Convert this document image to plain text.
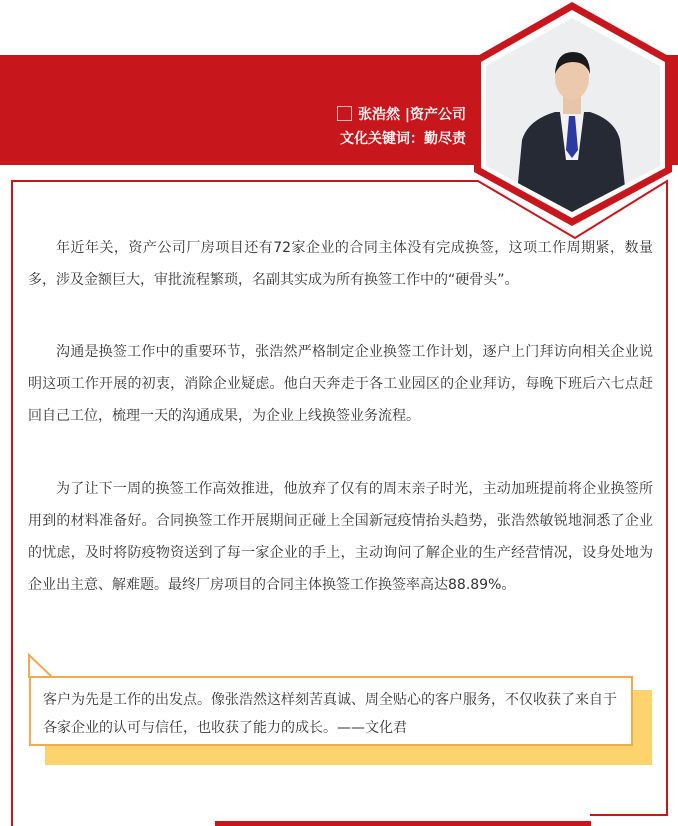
张浩然 |资产公司
文化关键词：勤尽责
年近年关，资产公司厂房项目还有72家企业的合同主体没有完成换签，这项工作周期紧，数量多，涉及金额巨大，审批流程繁琐，名副其实成为所有换签工作中的“硬骨头”。
沟通是换签工作中的重要环节，张浩然严格制定企业换签工作计划，逐户上门拜访向相关企业说明这项工作开展的初衷，消除企业疑虑。他白天奔走于各工业园区的企业拜访，每晚下班后六七点赶回自己工位，梳理一天的沟通成果，为企业上线换签业务流程。
为了让下一周的换签工作高效推进，他放弃了仅有的周末亲子时光，主动加班提前将企业换签所用到的材料准备好。合同换签工作开展期间正碰上全国新冠疫情抬头趋势，张浩然敏锐地洞悉了企业的忧虑，及时将防疫物资送到了每一家企业的手上，主动询问了解企业的生产经营情况，设身处地为企业出主意、解难题。最终厂房项目的合同主体换签工作换签率高达88.89%。
客户为先是工作的出发点。像张浩然这样刻苦真诚、周全贴心的客户服务，不仅收获了来自于各家企业的认可与信任，也收获了能力的成长。——文化君
